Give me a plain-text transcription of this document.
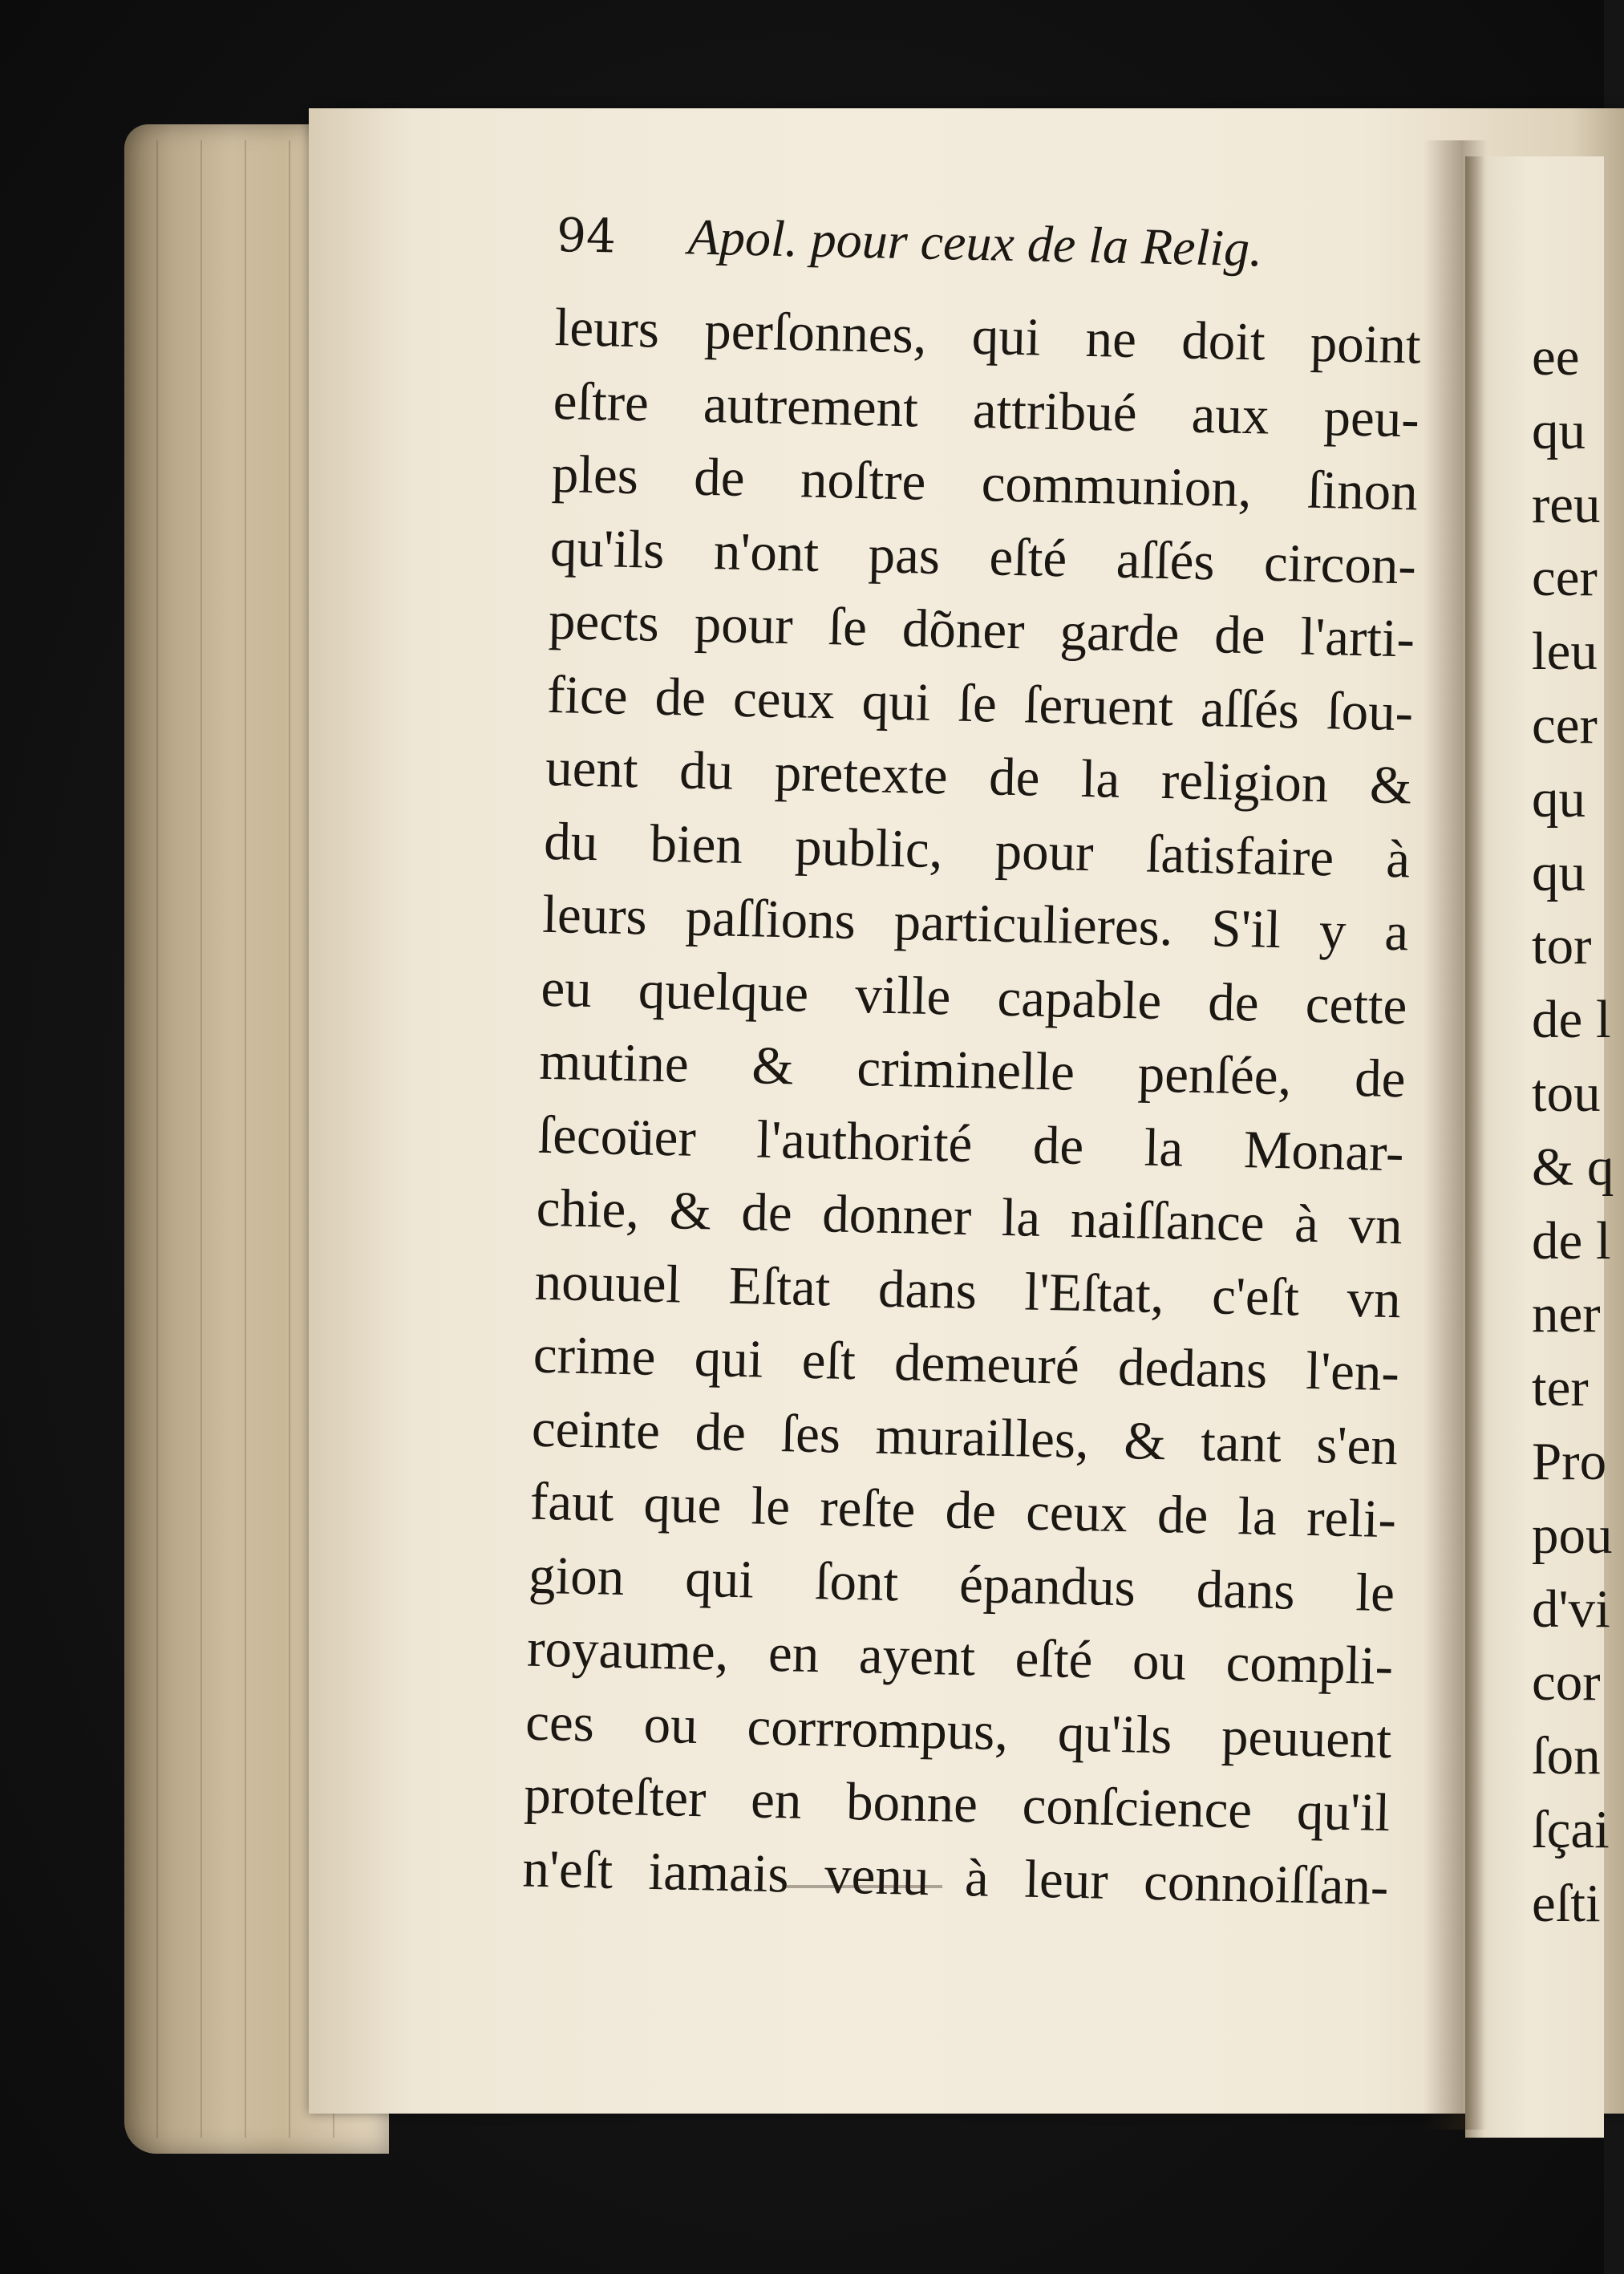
94 Apol. pour ceux de la Relig.
leurs perſonnes, qui ne doit point
eſtre autrement attribué aux peu-
ples de noſtre communion, ſinon
qu'ils n'ont pas eſté aſſés circon-
pects pour ſe dõner garde de l'arti-
fice de ceux qui ſe ſeruent aſſés ſou-
uent du pretexte de la religion &
du bien public, pour ſatisfaire à
leurs paſſions particulieres. S'il y a
eu quelque ville capable de cette
mutine & criminelle penſée, de
ſecoüer l'authorité de la Monar-
chie, & de donner la naiſſance à vn
nouuel Eſtat dans l'Eſtat, c'eſt vn
crime qui eſt demeuré dedans l'en-
ceinte de ſes murailles, & tant s'en
faut que le reſte de ceux de la reli-
gion qui ſont épandus dans le
royaume, en ayent eſté ou compli-
ces ou corrrompus, qu'ils peuuent
proteſter en bonne conſcience qu'il
n'eſt iamais venu à leur connoiſſan-
ee
qu
reu
cer
leu
cer
qu
qu
tor
de l
tou
& q
de l
ner
ter
Pro
pou
d'vi
cor
ſon
ſçai
eſti
